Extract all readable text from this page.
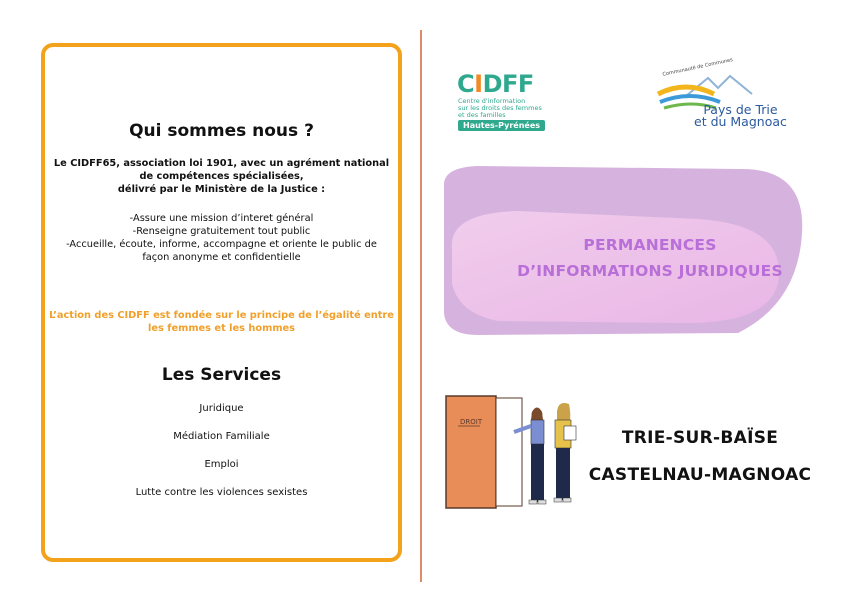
Qui sommes nous ?
Le CIDFF65, association loi 1901, avec un agrément national
de compétences spécialisées,
délivré par le Ministère de la Justice :
-Assure une mission d’interet général
-Renseigne gratuitement tout public
-Accueille, écoute, informe, accompagne et oriente le public de
façon anonyme et confidentielle
L’action des CIDFF est fondée sur le principe de l’égalité entre
les femmes et les hommes
Les Services
Juridique
Médiation Familiale
Emploi
Lutte contre les violences sexistes
CIDFF
Centre d'information
sur les droits des femmes
et des familles
Hautes-Pyrénées
Communauté de Communes
Pays de Trie
et du Magnoac
PERMANENCES
D’INFORMATIONS JURIDIQUES
DROIT
TRIE-SUR-BAÏSE
CASTELNAU-MAGNOAC
